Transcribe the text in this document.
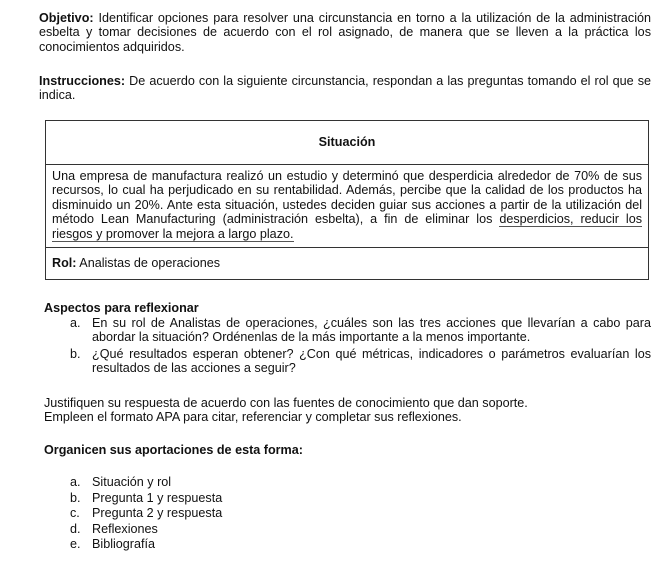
Objetivo: Identificar opciones para resolver una circunstancia en torno a la utilización de la administración esbelta y tomar decisiones de acuerdo con el rol asignado, de manera que se lleven a la práctica los conocimientos adquiridos.

Instrucciones: De acuerdo con la siguiente circunstancia, respondan a las preguntas tomando el rol que se indica.

Situación
Una empresa de manufactura realizó un estudio y determinó que desperdicia alrededor de 70% de sus recursos, lo cual ha perjudicado en su rentabilidad. Además, percibe que la calidad de los productos ha disminuido un 20%. Ante esta situación, ustedes deciden guiar sus acciones a partir de la utilización del método Lean Manufacturing (administración esbelta), a fin de eliminar los desperdicios, reducir los riesgos y promover la mejora a largo plazo.
Rol: Analistas de operaciones
Aspectos para reflexionar
a. En su rol de Analistas de operaciones, ¿cuáles son las tres acciones que llevarían a cabo para abordar la situación? Ordénenlas de la más importante a la menos importante.
b. ¿Qué resultados esperan obtener? ¿Con qué métricas, indicadores o parámetros evaluarían los resultados de las acciones a seguir?
Justifiquen su respuesta de acuerdo con las fuentes de conocimiento que dan soporte.
Empleen el formato APA para citar, referenciar y completar sus reflexiones.
Organicen sus aportaciones de esta forma:
a. Situación y rol
b. Pregunta 1 y respuesta
c. Pregunta 2 y respuesta
d. Reflexiones
e. Bibliografía
